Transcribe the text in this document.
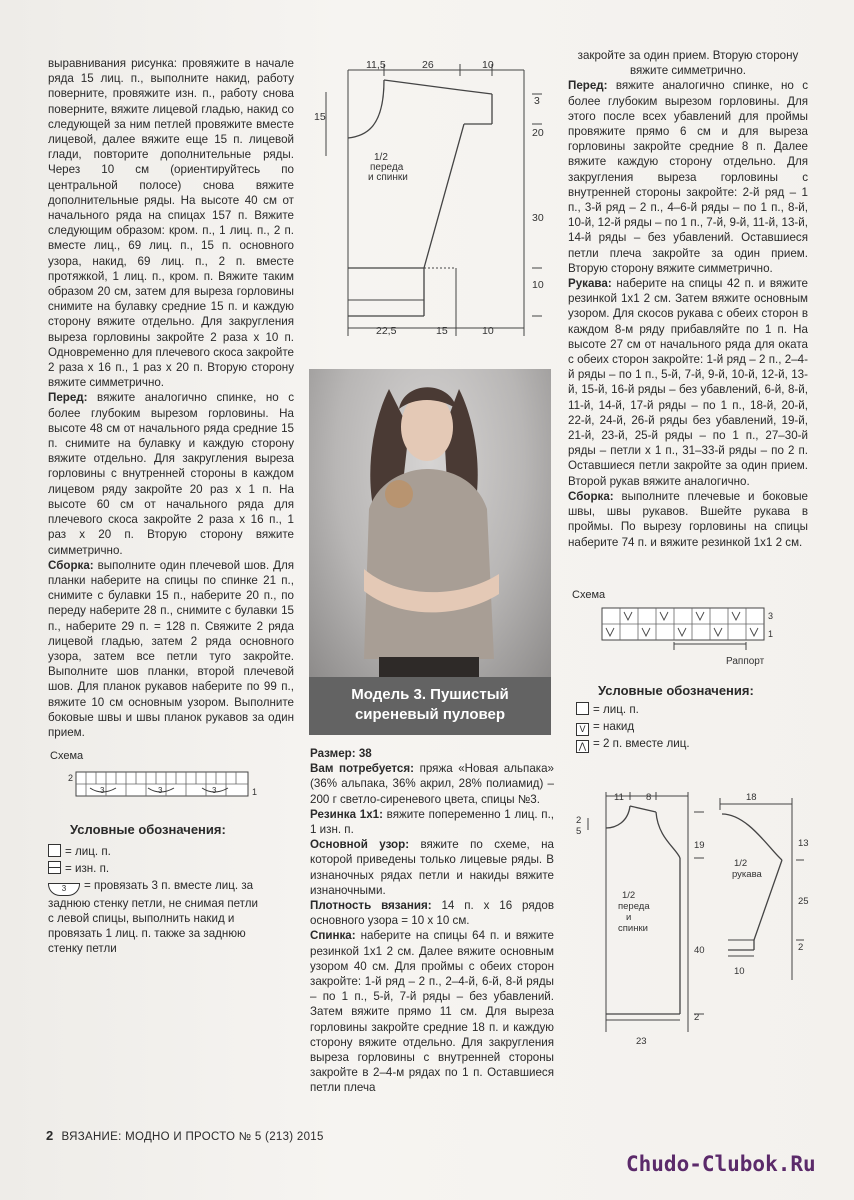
выравнивания рисунка: провяжите в начале ряда 15 лиц. п., выполните накид, работу поверните, провяжите изн. п., работу снова поверните, вяжите лицевой гладью, накид со следующей за ним петлей провяжите вместе лицевой, далее вяжите еще 15 п. лицевой глади, повторите дополнительные ряды. Через 10 см (ориентируйтесь по центральной полосе) снова вяжите дополнительные ряды. На высоте 40 см от начального ряда на спицах 157 п. Вяжите следующим образом: кром. п., 1 лиц. п., 2 п. вместе лиц., 69 лиц. п., 15 п. основного узора, накид, 69 лиц. п., 2 п. вместе протяжкой, 1 лиц. п., кром. п. Вяжите таким образом 20 см, затем для выреза горловины снимите на булавку средние 15 п. и каждую сторону вяжите отдельно. Для закругления выреза горловины закройте 2 раза х 10 п. Одновременно для плечевого скоса закройте 2 раза х 16 п., 1 раз х 20 п. Вторую сторону вяжите симметрично.

Перед: вяжите аналогично спинке, но с более глубоким вырезом горловины. На высоте 48 см от начального ряда средние 15 п. снимите на булавку и каждую сторону вяжите отдельно. Для закругления выреза горловины с внутренней стороны в каждом лицевом ряду закройте 20 раз х 1 п. На высоте 60 см от начального ряда для плечевого скоса закройте 2 раза х 16 п., 1 раз х 20 п. Вторую сторону вяжите симметрично.

Сборка: выполните один плечевой шов. Для планки наберите на спицы по спинке 21 п., снимите с булавки 15 п., наберите 20 п., по переду наберите 28 п., снимите с булавки 15 п., наберите 29 п. = 128 п. Свяжите 2 ряда лицевой гладью, затем 2 ряда основного узора, затем все петли туго закройте. Выполните шов планки, второй плечевой шов. Для планок рукавов наберите по 99 п., вяжите 10 см основным узором. Выполните боковые швы и швы планок рукавов за один прием.

закройте за один прием. Вторую сторону вяжите симметрично.

Перед: вяжите аналогично спинке, но с более глубоким вырезом горловины. Для этого после всех убавлений для проймы провяжите прямо 6 см и для выреза горловины закройте средние 8 п. Далее вяжите каждую сторону отдельно. Для закругления выреза горловины с внутренней стороны закройте: 2-й ряд – 1 п., 3-й ряд – 2 п., 4–6-й ряды – по 1 п., 8-й, 10-й, 12-й ряды – по 1 п., 7-й, 9-й, 11-й, 13-й, 14-й ряды – без убавлений. Оставшиеся петли плеча закройте за один прием. Вторую сторону вяжите симметрично.

Рукава: наберите на спицы 42 п. и вяжите резинкой 1х1 2 см. Затем вяжите основным узором. Для скосов рукава с обеих сторон в каждом 8-м ряду прибавляйте по 1 п. На высоте 27 см от начального ряда для оката с обеих сторон закройте: 1-й ряд – 2 п., 2–4-й ряды – по 1 п., 5-й, 7-й, 9-й, 10-й, 12-й, 13-й, 15-й, 16-й ряды – без убавлений, 6-й, 8-й, 11-й, 14-й, 17-й ряды – по 1 п., 18-й, 20-й, 22-й, 24-й, 26-й ряды без убавлений, 19-й, 21-й, 23-й, 25-й ряды – по 1 п., 27–30-й ряды – петли х 1 п., 31–33-й ряды – по 2 п. Оставшиеся петли закройте за один прием. Второй рукав вяжите аналогично.

Сборка: выполните плечевые и боковые швы, швы рукавов. Вшейте рукава в проймы. По вырезу горловины на спицы наберите 74 п. и вяжите резинкой 1х1 2 см.

Размер: 38

Вам потребуется: пряжа «Новая альпака» (36% альпака, 36% акрил, 28% полиамид) – 200 г светло-сиреневого цвета, спицы №3.

Резинка 1х1: вяжите попеременно 1 лиц. п., 1 изн. п.

Основной узор: вяжите по схеме, на которой приведены только лицевые ряды. В изнаночных рядах петли и накиды вяжите изнаночными.

Плотность вязания: 14 п. х 16 рядов основного узора = 10 х 10 см.

Спинка: наберите на спицы 64 п. и вяжите резинкой 1х1 2 см. Далее вяжите основным узором 40 см. Для проймы с обеих сторон закройте: 1-й ряд – 2 п., 2–4-й, 6-й, 8-й ряды – по 1 п., 5-й, 7-й ряды – без убавлений. Затем вяжите прямо 11 см. Для выреза горловины закройте средние 18 п. и каждую сторону вяжите отдельно. Для закругления выреза горловины с внутренней стороны закройте в 2–4-м рядах по 1 п. Оставшиеся петли плеча

11,5	26	10
3
20
30
10
15
22,5	15	10
1/2
переда
и спинки
Модель 3. Пушистый
сиреневый пуловер
Схема
3	3	3
2
1
Условные обозначения:
= лиц. п.
= изн. п.
3 = провязать 3 п. вместе лиц. за заднюю стенку петли, не снимая петли с левой спицы, выполнить накид и провязать 1 лиц. п. также за заднюю стенку петли
Схема
3
1
Раппорт
Условные обозначения:
= лиц. п.
V = накид
⋀ = 2 п. вместе лиц.
11 8
2
5
19
40
2
23
1/2
переда
и
спинки
18
13
25
2
10
1/2
рукава
2 ВЯЗАНИЕ: МОДНО И ПРОСТО № 5 (213) 2015
Chudo-Clubok.Ru
